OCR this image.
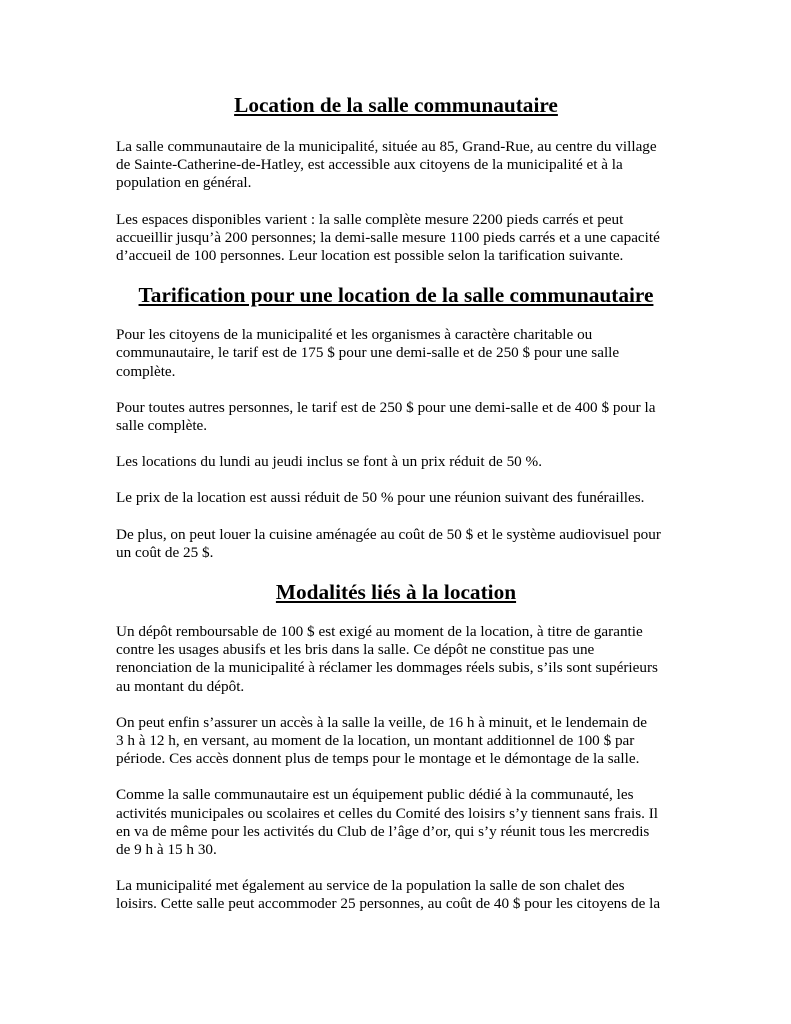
Location de la salle communautaire

La salle communautaire de la municipalité, située au 85, Grand-Rue, au centre du village
de Sainte-Catherine-de-Hatley, est accessible aux citoyens de la municipalité et à la
population en général.

Les espaces disponibles varient : la salle complète mesure 2200 pieds carrés et peut
accueillir jusqu’à 200 personnes; la demi-salle mesure 1100 pieds carrés et a une capacité
d’accueil de 100 personnes. Leur location est possible selon la tarification suivante.

Tarification pour une location de la salle communautaire

Pour les citoyens de la municipalité et les organismes à caractère charitable ou
communautaire, le tarif est de 175 $ pour une demi-salle et de 250 $ pour une salle
complète.

Pour toutes autres personnes, le tarif est de 250 $ pour une demi-salle et de 400 $ pour la
salle complète.

Les locations du lundi au jeudi inclus se font à un prix réduit de 50 %.

Le prix de la location est aussi réduit de 50 % pour une réunion suivant des funérailles.

De plus, on peut louer la cuisine aménagée au coût de 50 $ et le système audiovisuel pour
un coût de 25 $.

Modalités liés à la location

Un dépôt remboursable de 100 $ est exigé au moment de la location, à titre de garantie
contre les usages abusifs et les bris dans la salle. Ce dépôt ne constitue pas une
renonciation de la municipalité à réclamer les dommages réels subis, s’ils sont supérieurs
au montant du dépôt.

On peut enfin s’assurer un accès à la salle la veille, de 16 h à minuit, et le lendemain de
3 h à 12 h, en versant, au moment de la location, un montant additionnel de 100 $ par
période. Ces accès donnent plus de temps pour le montage et le démontage de la salle.

Comme la salle communautaire est un équipement public dédié à la communauté, les
activités municipales ou scolaires et celles du Comité des loisirs s’y tiennent sans frais. Il
en va de même pour les activités du Club de l’âge d’or, qui s’y réunit tous les mercredis
de 9 h à 15 h 30.

La municipalité met également au service de la population la salle de son chalet des
loisirs. Cette salle peut accommoder 25 personnes, au coût de 40 $ pour les citoyens de la
